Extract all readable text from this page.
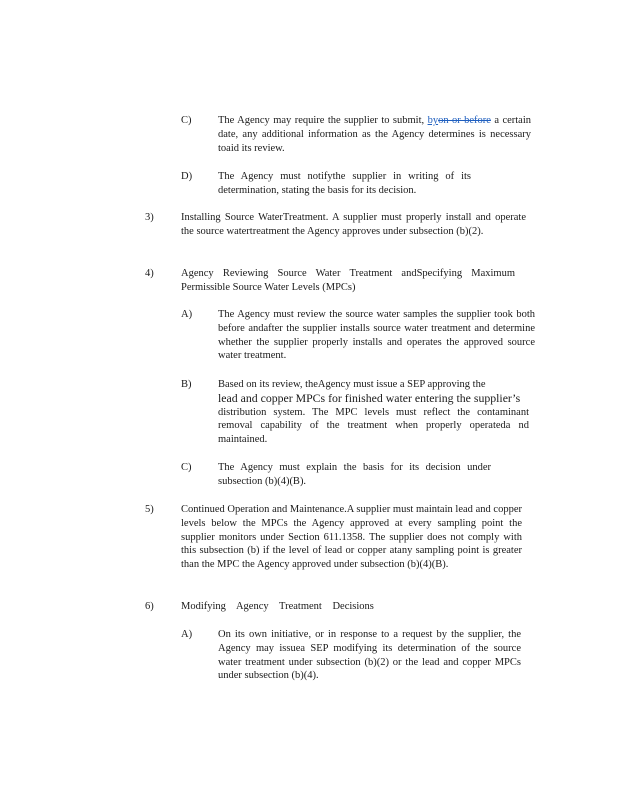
C)	The Agency may require the supplier to submit, byon or before a certain date, any additional information as the Agency determines is necessary toaid its review.
D) The Agency must notifythe supplier in writing of its determination, stating the basis for its decision.
3)	Installing Source WaterTreatment. A supplier must properly install and operate the source watertreatment the Agency approves under subsection (b)(2).
4)	Agency Reviewing Source Water Treatment andSpecifying Maximum Permissible Source Water Levels (MPCs)
A) The Agency must review the source water samples the supplier took both before andafter the supplier installs source water treatment and determine whether the supplier properly installs and operates the approved source water treatment.
B)	Based on its review, theAgency must issue a SEP approving the

lead and copper MPCs for finished water entering the supplier’s

distribution system. The MPC levels must reflect the contaminant removal capability of the treatment when properly operateda nd maintained.

C)	The Agency must explain the basis for its decision under subsection (b)(4)(B).
5)	Continued Operation and Maintenance.A supplier must maintain lead and copper levels below the MPCs the Agency approved at every sampling point the supplier monitors under Section 611.1358. The supplier does not comply with this subsection (b) if the level of lead or copper atany sampling point is greater than the MPC the Agency approved under subsection (b)(4)(B).
6)	Modifying Agency Treatment Decisions
A) On its own initiative, or in response to a request by the supplier, the Agency may issuea SEP modifying its determination of the source water treatment under subsection (b)(2) or the lead and copper MPCs under subsection (b)(4).
